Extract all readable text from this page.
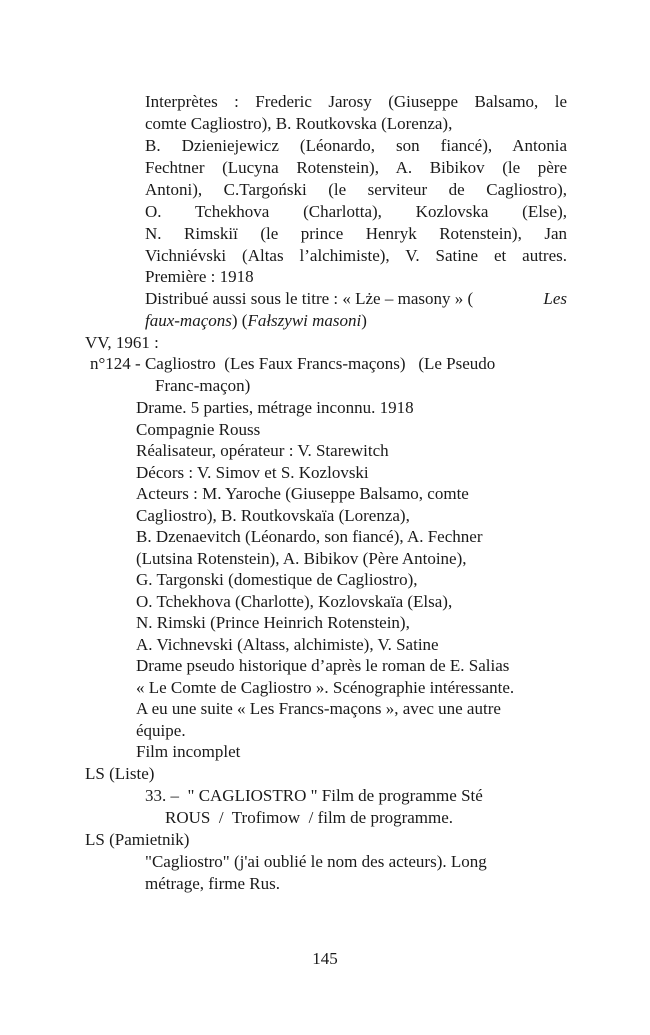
Interprètes : Frederic Jarosy (Giuseppe Balsamo, le
comte Cagliostro), B. Routkovska (Lorenza),
B. Dzieniejewicz (Léonardo, son fiancé), Antonia
Fechtner (Lucyna Rotenstein), A. Bibikov (le père
Antoni), C.Targoński (le serviteur de Cagliostro),
O. Tchekhova (Charlotta), Kozlovska (Else),
N. Rimskiï (le prince Henryk Rotenstein), Jan
Vichniévski (Altas l’alchimiste), V. Satine et autres.
Première : 1918
Distribué aussi sous le titre : « Lże – masony » (	Les
faux-maçons) (Fałszywi masoni)
VV, 1961 :
n°124 - Cagliostro  (Les Faux Francs-maçons)   (Le Pseudo
Franc-maçon)
Drame. 5 parties, métrage inconnu. 1918
Compagnie Rouss
Réalisateur, opérateur : V. Starewitch
Décors : V. Simov et S. Kozlovski
Acteurs : M. Yaroche (Giuseppe Balsamo, comte
Cagliostro), B. Routkovskaïa (Lorenza),
B. Dzenaevitch (Léonardo, son fiancé), A. Fechner
(Lutsina Rotenstein), A. Bibikov (Père Antoine),
G. Targonski (domestique de Cagliostro),
O. Tchekhova (Charlotte), Kozlovskaïa (Elsa),
N. Rimski (Prince Heinrich Rotenstein),
A. Vichnevski (Altass, alchimiste), V. Satine
Drame pseudo historique d’après le roman de E. Salias
« Le Comte de Cagliostro ». Scénographie intéressante.
A eu une suite « Les Francs-maçons », avec une autre
équipe.
Film incomplet
LS (Liste)
33. –  " CAGLIOSTRO " Film de programme Sté
ROUS  /  Trofimow  / film de programme.
LS (Pamietnik)
"Cagliostro" (j'ai oublié le nom des acteurs). Long
métrage, firme Rus.
145
